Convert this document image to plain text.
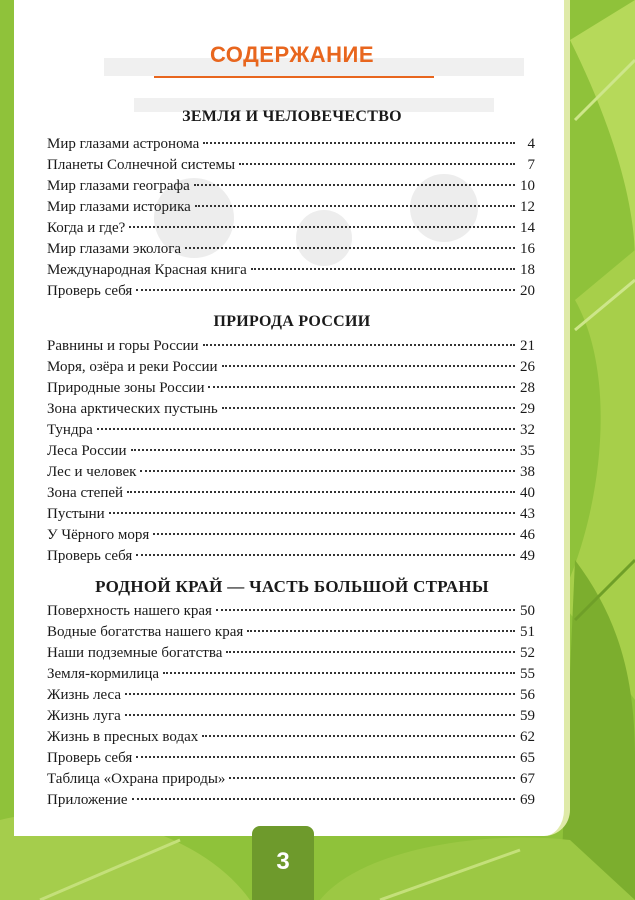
СОДЕРЖАНИЕ
ЗЕМЛЯ И ЧЕЛОВЕЧЕСТВО
Мир глазами астронома	4
Планеты Солнечной системы	7
Мир глазами географа	10
Мир глазами историка	12
Когда и где?	14
Мир глазами эколога	16
Международная Красная книга	18
Проверь себя	20
ПРИРОДА РОССИИ
Равнины и горы России	21
Моря, озёра и реки России	26
Природные зоны России	28
Зона арктических пустынь	29
Тундра	32
Леса России	35
Лес и человек	38
Зона степей	40
Пустыни	43
У Чёрного моря	46
Проверь себя	49
РОДНОЙ КРАЙ — ЧАСТЬ БОЛЬШОЙ СТРАНЫ
Поверхность нашего края	50
Водные богатства нашего края	51
Наши подземные богатства	52
Земля-кормилица	55
Жизнь леса	56
Жизнь луга	59
Жизнь в пресных водах	62
Проверь себя	65
Таблица «Охрана природы»	67
Приложение	69
3
